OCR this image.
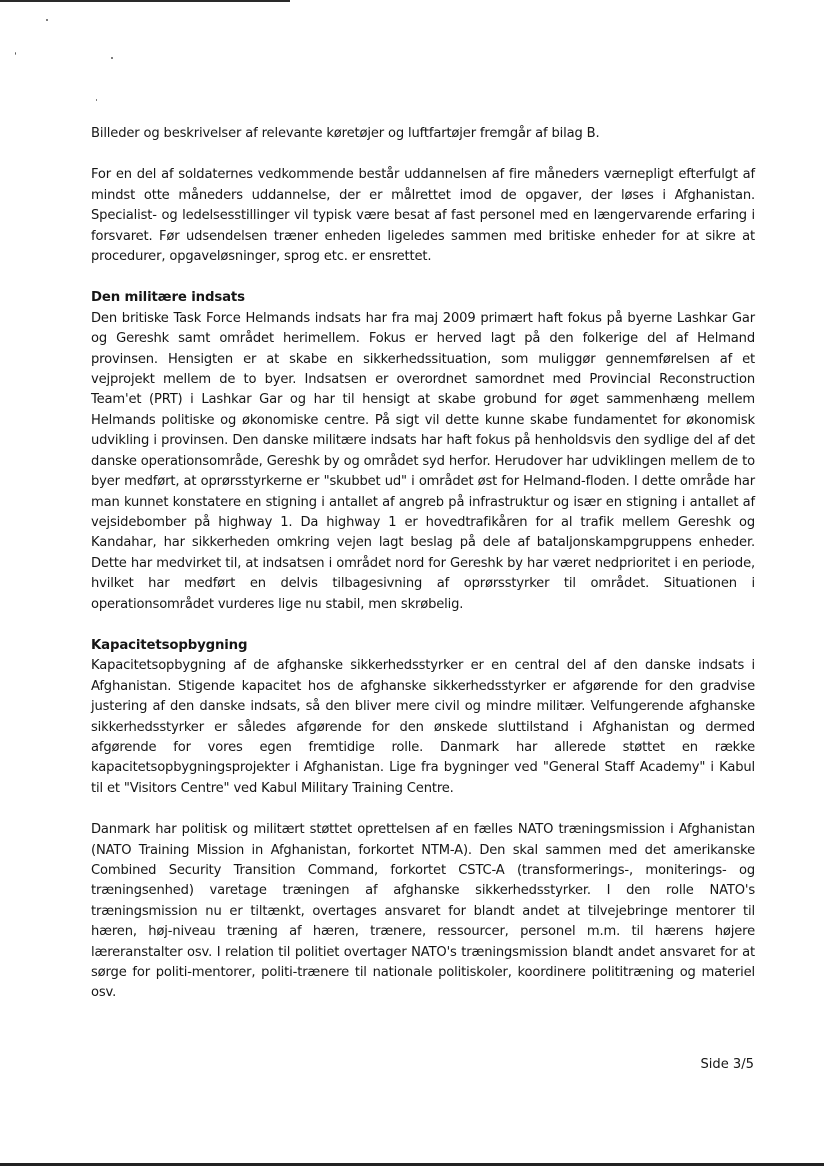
Billeder og beskrivelser af relevante køretøjer og luftfartøjer fremgår af bilag B.

For en del af soldaternes vedkommende består uddannelsen af fire måneders værnepligt efterfulgt af mindst otte måneders uddannelse, der er målrettet imod de opgaver, der løses i Afghanistan. Specialist- og ledelsesstillinger vil typisk være besat af fast personel med en længervarende erfaring i forsvaret. Før udsendelsen træner enheden ligeledes sammen med britiske enheder for at sikre at procedurer, opgaveløsninger, sprog etc. er ensrettet.

Den militære indsats

Den britiske Task Force Helmands indsats har fra maj 2009 primært haft fokus på byerne Lashkar Gar og Gereshk samt området herimellem. Fokus er herved lagt på den folkerige del af Helmand provinsen. Hensigten er at skabe en sikkerhedssituation, som muliggør gennemførelsen af et vejprojekt mellem de to byer. Indsatsen er overordnet samordnet med Provincial Reconstruction Team'et (PRT) i Lashkar Gar og har til hensigt at skabe grobund for øget sammenhæng mellem Helmands politiske og økonomiske centre. På sigt vil dette kunne skabe fundamentet for økonomisk udvikling i provinsen. Den danske militære indsats har haft fokus på henholdsvis den sydlige del af det danske operationsområde, Gereshk by og området syd herfor. Herudover har udviklingen mellem de to byer medført, at oprørsstyrkerne er "skubbet ud" i området øst for Helmand-floden. I dette område har man kunnet konstatere en stigning i antallet af angreb på infrastruktur og især en stigning i antallet af vejsidebomber på highway 1. Da highway 1 er hovedtrafikåren for al trafik mellem Gereshk og Kandahar, har sikkerheden omkring vejen lagt beslag på dele af bataljonskampgruppens enheder. Dette har medvirket til, at indsatsen i området nord for Gereshk by har været nedprioritet i en periode, hvilket har medført en delvis tilbagesivning af oprørsstyrker til området. Situationen i operationsområdet vurderes lige nu stabil, men skrøbelig.

Kapacitetsopbygning

Kapacitetsopbygning af de afghanske sikkerhedsstyrker er en central del af den danske indsats i Afghanistan. Stigende kapacitet hos de afghanske sikkerhedsstyrker er afgørende for den gradvise justering af den danske indsats, så den bliver mere civil og mindre militær. Velfungerende afghanske sikkerhedsstyrker er således afgørende for den ønskede sluttilstand i Afghanistan og dermed afgørende for vores egen fremtidige rolle. Danmark har allerede støttet en række kapacitetsopbygningsprojekter i Afghanistan. Lige fra bygninger ved "General Staff Academy" i Kabul til et "Visitors Centre" ved Kabul Military Training Centre.

Danmark har politisk og militært støttet oprettelsen af en fælles NATO træningsmission i Afghanistan (NATO Training Mission in Afghanistan, forkortet NTM-A). Den skal sammen med det amerikanske Combined Security Transition Command, forkortet CSTC-A (transformerings-, moniterings- og træningsenhed) varetage træningen af afghanske sikkerhedsstyrker. I den rolle NATO's træningsmission nu er tiltænkt, overtages ansvaret for blandt andet at tilvejebringe mentorer til hæren, høj-niveau træning af hæren, trænere, ressourcer, personel m.m. til hærens højere læreranstalter osv. I relation til politiet overtager NATO's træningsmission blandt andet ansvaret for at sørge for politi-mentorer, politi-trænere til nationale politiskoler, koordinere polititræning og materiel osv.

Side 3/5
